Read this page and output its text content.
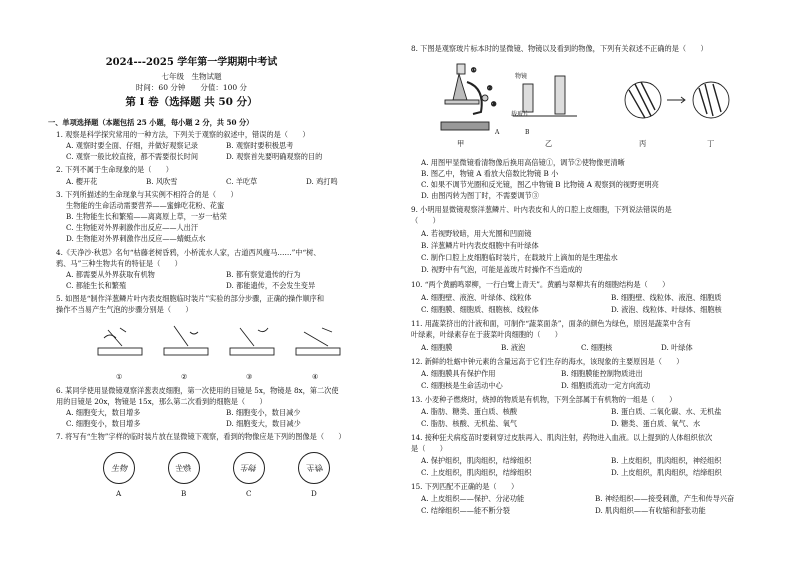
2024---2025 学年第一学期期中考试
七年级　生物试题
时间：60 分钟　　分值：100 分
第 I 卷（选择题 共 50 分）
一、单项选择题（本题包括 25 小题，每小题 2 分，共 50 分）
1. 观察是科学探究常用的一种方法，下列关于观察的叙述中，错误的是（　　）
A. 观察时要全面、仔细，并做好观察记录	B. 观察时要积极思考
C. 观察一般比较直接，都不需要很长时间	D. 观察首先要明确观察的目的
2. 下列不属于生命现象的是（　　）
A. 樱开花	B. 风吹雪	C. 羊吃草	D. 鸡打鸣
3. 下列所描述的生命现象与其实例不相符合的是（　　）
生物能的生命活动需要营养——蜜蜂吃花粉、花蜜
B. 生物能生长和繁殖——离离原上草，一岁一枯荣
C. 生物能对外界刺激作出反应——人出汗
D. 生物能对外界刺激作出反应——蜻蜓点水
4.《天净沙·秋思》名句“枯藤老树昏鸦，小桥流水人家，古道西风瘦马……”中“树、
鸦、马”三种生物共有的特征是（　　）
A. 都需要从外界获取有机物	B. 都有察觉遗传的行为
C. 都能生长和繁殖	D. 都能遗传，不会发生变异
5. 如图是“制作洋葱鳞片叶内表皮细胞临时装片”实验的部分步骤，正确的操作顺序和
操作不当易产生气泡的步骤分别是（　　）
①	②	③	④
6. 某同学使用显微镜观察洋葱表皮细胞，第一次使用的目镜是 5x，物镜是 8x，第二次使
用的目镜是 20x，物镜是 15x，那么第二次看到的细胞是（　　）
A. 细胞变大，数目增多	B. 细胞变小，数目减少
C. 细胞变小，数目增多	D. 细胞变大，数目减少
7. 将写有“生物”字样的临时装片放在显微镜下观察，看到的物像应是下列的图像是（　　）
生物	物生	物生	生物
A	B	C	D
8. 下图是观察玻片标本时的显微镜、物镜以及看到的物像，下列有关叙述不正确的是（　　）
①
②
③
物镜
载玻片
A	B
甲	乙	丙	丁
A. 用图甲显微镜看清物像后换用高倍镜①，调节②使物像更清晰
B. 图乙中，物镜 A 看放大倍数比物镜 B 小
C. 如果不调节光圈和反光镜，图乙中物镜 B 比物镜 A 观察到的视野更明亮
D. 由图丙转为图丁时，不需要调节③
9. 小明用显微镜观察洋葱鳞片、叶内表皮和人的口腔上皮细胞，下列说法错误的是
（　　）
A. 若视野较暗，用大光圈和凹面镜
B. 洋葱鳞片叶内表皮细胞中有叶绿体
C. 制作口腔上皮细胞临时装片，在载玻片上滴加的是生理盐水
D. 视野中有气泡，可能是盖玻片时操作不当造成的
10. “两个黄鹂鸣翠柳，一行白鹭上青天”。黄鹂与翠柳共有的细胞结构是（　　）
A. 细胞壁、液泡、叶绿体、线粒体	B. 细胞壁、线粒体、液泡、细胞质
C. 细胞膜、细胞质、细胞核、线粒体	D. 液泡、线粒体、叶绿体、细胞核
11. 用蔬菜挤出的汁液和面，可制作“蔬菜面条”，面条的颜色为绿色，原因是蔬菜中含有
叶绿素，叶绿素存在于菠菜叶肉细胞的（　　）
A. 细胞膜	B. 液泡	C. 细胞核	D. 叶绿体
12. 新鲜的牡蛎中钟元素的含量远高于它们生存的海水，该现象的主要原因是（　　）
A. 细胞膜具有保护作用	B. 细胞膜能控制物质进出
C. 细胞核是生命活动中心	D. 细胞质流动一定方向流动
13. 小麦种子燃烧时，烧掉的物质是有机物，下列全部属于有机物的一组是（　　）
A. 脂肪、糖类、蛋白质、核酸	B. 蛋白质、二氧化碳、水、无机盐
C. 脂肪、核酸、无机盐、氧气	D. 糖类、蛋白质、氧气、水
14. 接种狂犬病疫苗时要刺穿过皮肤再入、肌肉注射，药物进入血液。以上提到的人体组织依次
是（　　）
A. 保护组织，肌肉组织，结缔组织	B. 上皮组织，肌肉组织，神经组织
C. 上皮组织，肌肉组织，结缔组织	D. 上皮组织，肌肉组织，结缔组织
15. 下列匹配不正确的是（　　）
A. 上皮组织——保护、分泌功能	B. 神经组织——接受刺激，产生和传导兴奋
C. 结缔组织——能不断分裂	D. 肌肉组织——有收缩和舒张功能
